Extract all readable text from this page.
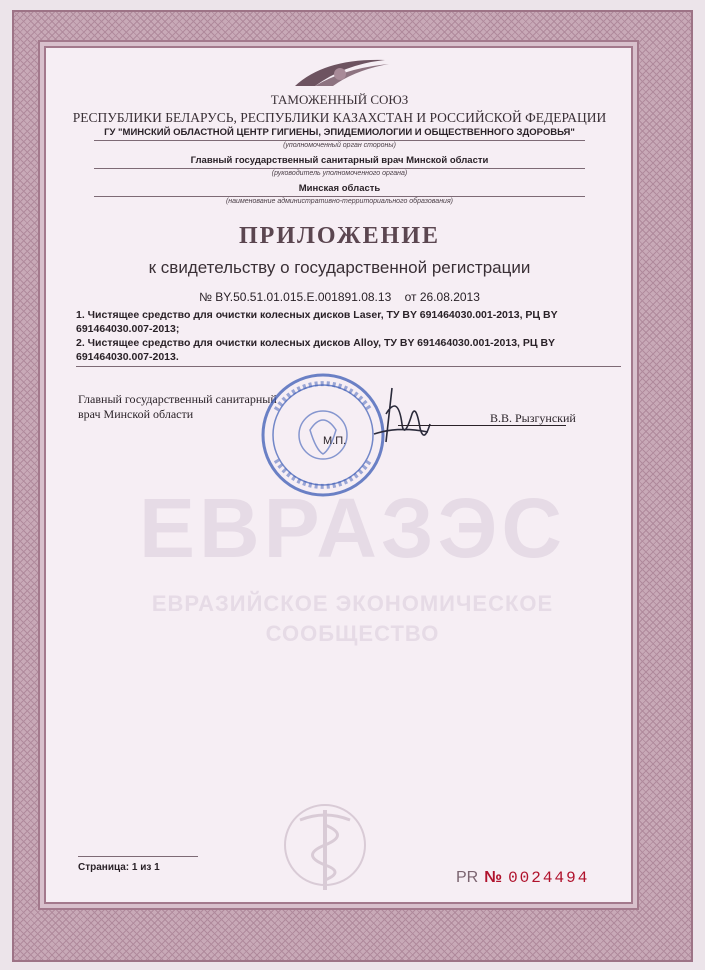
ЕВРАЗЭС
ЕВРАЗИЙСКОЕ ЭКОНОМИЧЕСКОЕ
СООБЩЕСТВО
ТАМОЖЕННЫЙ СОЮЗ
РЕСПУБЛИКИ БЕЛАРУСЬ, РЕСПУБЛИКИ КАЗАХСТАН И РОССИЙСКОЙ ФЕДЕРАЦИИ
ГУ "МИНСКИЙ ОБЛАСТНОЙ ЦЕНТР ГИГИЕНЫ, ЭПИДЕМИОЛОГИИ И ОБЩЕСТВЕННОГО ЗДОРОВЬЯ"
(уполномоченный орган стороны)
Главный государственный санитарный врач Минской области
(руководитель уполномоченного органа)
Минская область
(наименование административно-территориального образования)
ПРИЛОЖЕНИЕ
к свидетельству о государственной регистрации
№ BY.50.51.01.015.E.001891.08.13 от 26.08.2013
1. Чистящее средство для очистки колесных дисков Laser, ТУ BY 691464030.001-2013, РЦ BY 691464030.007-2013;
2. Чистящее средство для очистки колесных дисков Alloy, ТУ BY 691464030.001-2013, РЦ BY 691464030.007-2013.
Главный государственный санитарный
врач Минской области
М.П.
В.В. Рызгунский
Страница: 1 из 1
PR № 0024494
